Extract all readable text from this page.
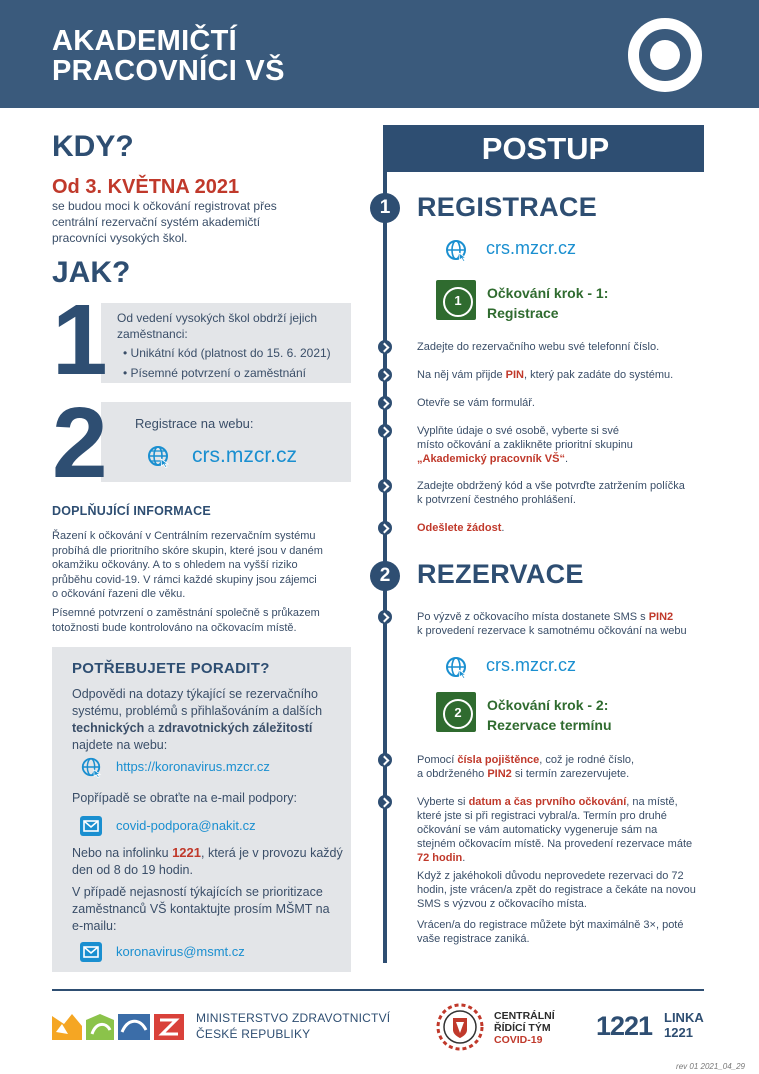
AKADEMIČTÍ
PRACOVNÍCI VŠ
KDY?
Od 3. KVĚTNA 2021
se budou moci k očkování registrovat přes
centrální rezervační systém akademičtí
pracovníci vysokých škol.
JAK?
1 Od vedení vysokých škol obdrží jejich
zaměstnanci:
• Unikátní kód (platnost do 15. 6. 2021)
• Písemné potvrzení o zaměstnání
2 Registrace na webu:
crs.mzcr.cz
DOPLŇUJÍCÍ INFORMACE
Řazení k očkování v Centrálním rezervačním systému
probíhá dle prioritního skóre skupin, které jsou v daném
okamžiku očkovány. A to s ohledem na vyšší riziko
průběhu covid-19. V rámci každé skupiny jsou zájemci
o očkování řazeni dle věku.
Písemné potvrzení o zaměstnání společně s průkazem
totožnosti bude kontrolováno na očkovacím místě.
POTŘEBUJETE PORADIT?
Odpovědi na dotazy týkající se rezervačního
systému, problémů s přihlašováním a dalších
technických a zdravotnických záležitostí
najdete na webu:
https://koronavirus.mzcr.cz
Popřípadě se obraťte na e-mail podpory:
covid-podpora@nakit.cz
Nebo na infolinku 1221, která je v provozu každý
den od 8 do 19 hodin.
V případě nejasností týkajících se prioritizace
zaměstnanců VŠ kontaktujte prosím MŠMT na
e-mailu:
koronavirus@msmt.cz
POSTUP
1 REGISTRACE
crs.mzcr.cz
1	Očkování krok - 1:
Registrace
Zadejte do rezervačního webu své telefonní číslo.
Na něj vám přijde PIN, který pak zadáte do systému.
Otevře se vám formulář.
Vyplňte údaje o své osobě, vyberte si své
místo očkování a zaklikněte prioritní skupinu
„Akademický pracovník VŠ“.
Zadejte obdržený kód a vše potvrďte zatržením políčka
k potvrzení čestného prohlášení.
Odešlete žádost.
2 REZERVACE
Po výzvě z očkovacího místa dostanete SMS s PIN2
k provedení rezervace k samotnému očkování na webu
crs.mzcr.cz
2	Očkování krok - 2:
Rezervace termínu
Pomocí čísla pojištěnce, což je rodné číslo,
a obdrženého PIN2 si termín zarezervujete.
Vyberte si datum a čas prvního očkování, na místě,
které jste si při registraci vybral/a. Termín pro druhé
očkování se vám automaticky vygeneruje sám na
stejném očkovacím místě. Na provedení rezervace máte
72 hodin.
Když z jakéhokoli důvodu neprovedete rezervaci do 72
hodin, jste vrácen/a zpět do registrace a čekáte na novou
SMS s výzvou z očkovacího místa.
Vrácen/a do registrace můžete být maximálně 3×, poté
vaše registrace zaniká.
MINISTERSTVO ZDRAVOTNICTVÍ
ČESKÉ REPUBLIKY
CENTRÁLNÍ
ŘÍDÍCÍ TÝM
COVID-19	1221 LINKA
1221
rev 01 2021_04_29
